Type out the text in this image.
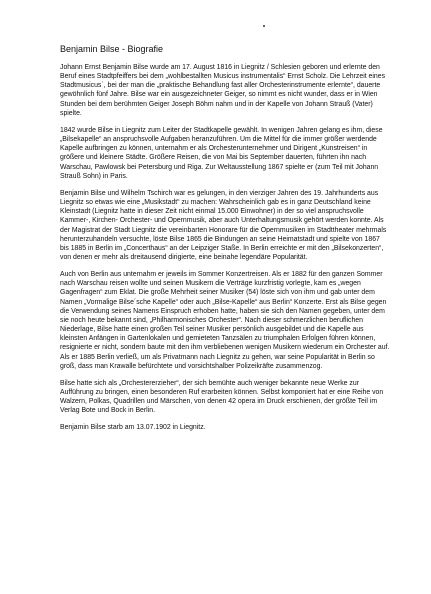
Benjamin Bilse - Biografie

Johann Ernst Benjamin Bilse wurde am 17. August 1816 in Liegnitz / Schlesien geboren und erlernte den Beruf eines Stadtpfeiffers bei dem „wohlbestallten Musicus instrumentalis“ Ernst Scholz. Die Lehrzeit eines Stadtmusicus`, bei der man die „praktische Behandlung fast aller Orchesterinstrumente erlernte“, dauerte gewöhnlich fünf Jahre. Bilse war ein ausgezeichneter Geiger, so nimmt es nicht wunder, dass er in Wien Stunden bei dem berühmten Geiger Joseph Böhm nahm und in der Kapelle von Johann Strauß (Vater) spielte.

1842 wurde Bilse in Liegnitz zum Leiter der Stadtkapelle gewählt. In wenigen Jahren gelang es ihm, diese „Bilsekapelle“ an anspruchsvolle Aufgaben heranzuführen. Um die Mittel für die immer größer werdende Kapelle aufbringen zu können, unternahm er als Orchesterunternehmer und Dirigent „Kunstreisen“ in größere und kleinere Städte. Größere Reisen, die von Mai bis September dauerten, führten ihn nach Warschau, Pawlowsk bei Petersburg und Riga. Zur Weltausstellung 1867 spielte er (zum Teil mit Johann Strauß Sohn) in Paris.

Benjamin Bilse und Wilhelm Tschirch war es gelungen, in den vierziger Jahren des 19. Jahrhunderts aus Liegnitz so etwas wie eine „Musikstadt“ zu machen: Wahrscheinlich gab es in ganz Deutschland keine Kleinstadt (Liegnitz hatte in dieser Zeit nicht einmal 15.000 Einwohner) in der so viel anspruchsvolle Kammer-, Kirchen- Orchester- und Opernmusik, aber auch Unterhaltungsmusik gehört werden konnte. Als der Magistrat der Stadt Liegnitz die vereinbarten Honorare für die Opernmusiken im Stadttheater mehrmals herunterzuhandeln versuchte, löste Bilse 1865 die Bindungen an seine Heimatstadt und spielte von 1867 bis 1885 in Berlin im „Concerthaus“ an der Leipziger Staße. In Berlin erreichte er mit den „Bilsekonzerten“, von denen er mehr als dreitausend dirigierte, eine beinahe legendäre Popularität.

Auch von Berlin aus unternahm er jeweils im Sommer Konzertreisen. Als er 1882 für den ganzen Sommer nach Warschau reisen wollte und seinen Musikern die Verträge kurzfristig vorlegte, kam es „wegen Gagenfragen“ zum Eklat. Die große Mehrheit seiner Musiker (54) löste sich von ihm und gab unter dem Namen „Vormalige Bilse´sche Kapelle“ oder auch „Bilse-Kapelle“ aus Berlin“ Konzerte. Erst als Bilse gegen die Verwendung seines Namens Einspruch erhoben hatte, haben sie sich den Namen gegeben, unter dem sie noch heute bekannt sind, „Philharmonisches Orchester“. Nach dieser schmerzlichen beruflichen Niederlage, Bilse hatte einen großen Teil seiner Musiker persönlich ausgebildet und die Kapelle aus kleinsten Anfängen in Gartenlokalen und gemieteten Tanzsälen zu triumphalen Erfolgen führen können, resignierte er nicht, sondern baute mit den ihm verbliebenen wenigen Musikern wiederum ein Orchester auf. Als er 1885 Berlin verließ, um als Privatmann nach Liegnitz zu gehen, war seine Popularität in Berlin so groß, dass man Krawalle befürchtete und vorsichtshalber Polizeikräfte zusammenzog.

Bilse hatte sich als „Orchestererzieher“, der sich bemühte auch weniger bekannte neue Werke zur Aufführung zu bringen, einen besonderen Ruf erarbeiten können. Selbst komponiert hat er eine Reihe von Walzern, Polkas, Quadrillen und Märschen, von denen 42 opera im Druck erschienen, der größte Teil im Verlag Bote und Bock in Berlin.

Benjamin Bilse starb am 13.07.1902 in Liegnitz.
